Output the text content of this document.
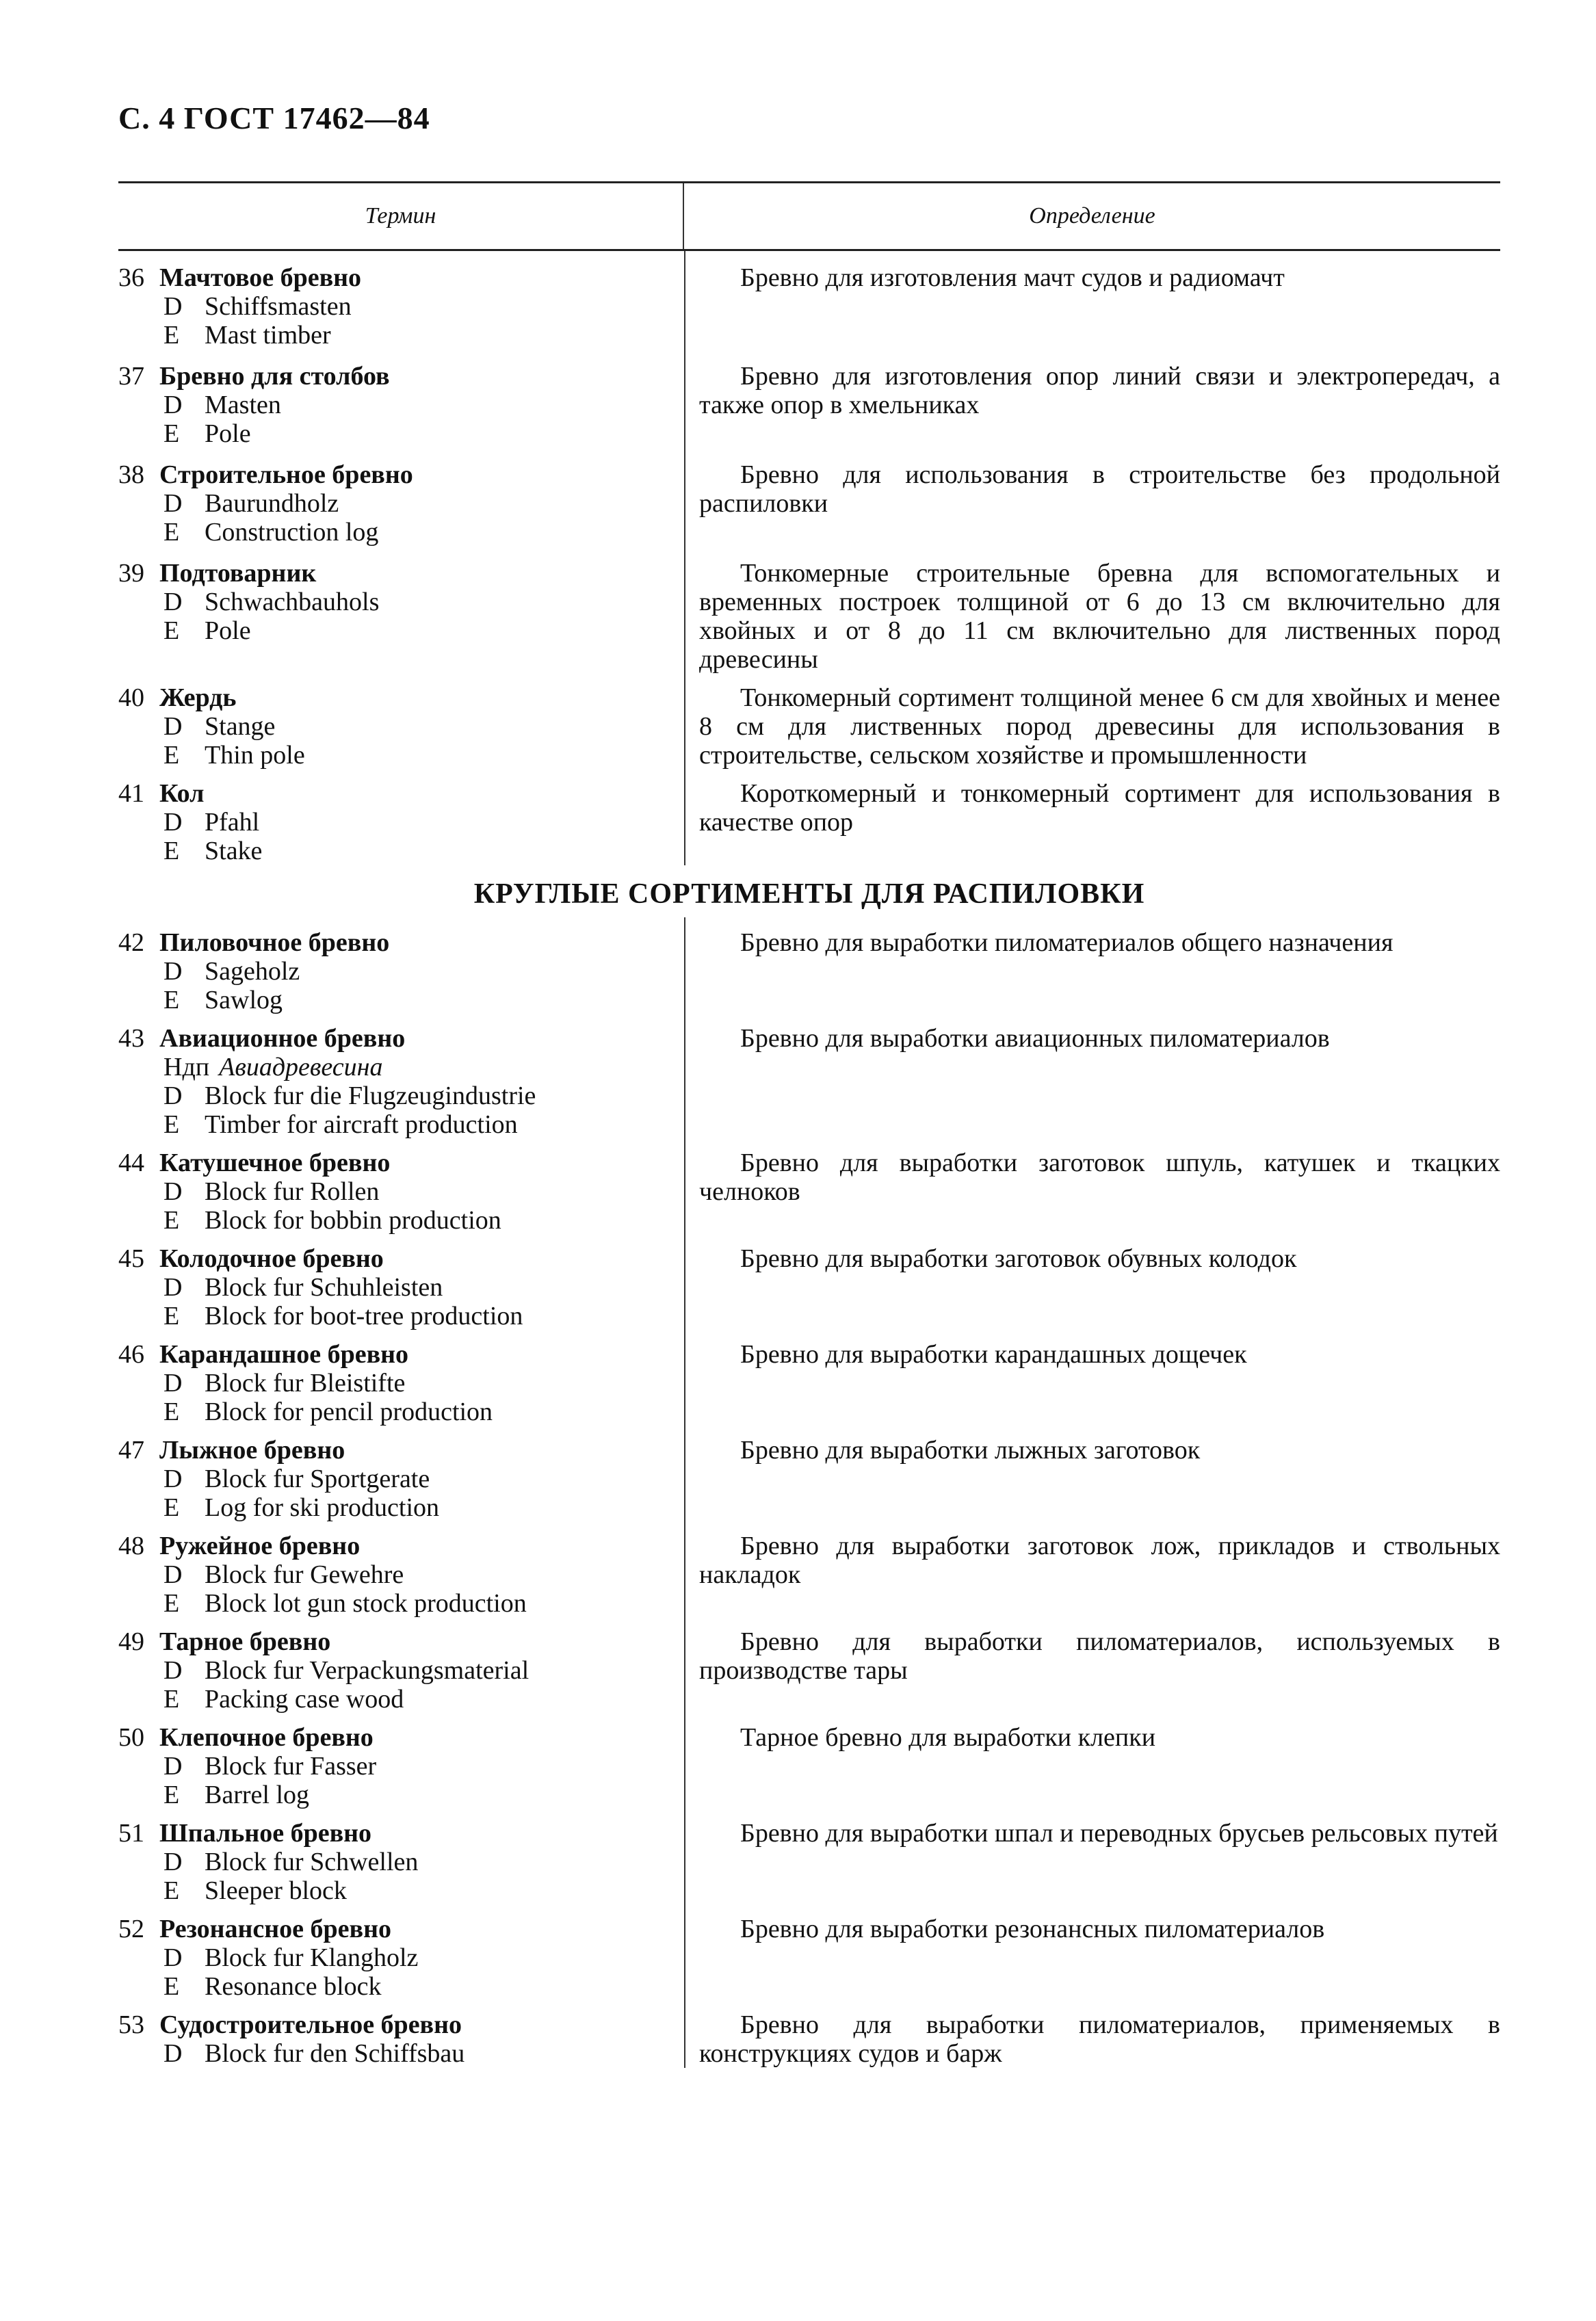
С. 4 ГОСТ 17462—84
Термин	Определение
36 Мачтовое бревно
D Schiffsmasten
E Mast timber
Бревно для изготовления мачт судов и радиомачт
37 Бревно для столбов
D Masten
E Pole
Бревно для изготовления опор линий связи и электропередач, а также опор в хмельниках
38 Строительное бревно
D Baurundholz
E Construction log
Бревно для использования в строительстве без продольной распиловки
39 Подтоварник
D Schwachbauhols
E Pole
Тонкомерные строительные бревна для вспомогательных и временных построек толщиной от 6 до 13 см включительно для хвойных и от 8 до 11 см включительно для лиственных пород древесины
40 Жердь
D Stange
E Thin pole
Тонкомерный сортимент толщиной менее 6 см для хвойных и менее 8 см для лиственных пород древесины для использования в строительстве, сельском хозяйстве и промышленности
41 Кол
D Pfahl
E Stake
Короткомерный и тонкомерный сортимент для использования в качестве опор
КРУГЛЫЕ СОРТИМЕНТЫ ДЛЯ РАСПИЛОВКИ
42 Пиловочное бревно
D Sageholz
E Sawlog
Бревно для выработки пиломатериалов общего назначения
43 Авиационное бревно
Ндп Авиадревесина
D Block fur die Flugzeugindustrie
E Timber for aircraft production
Бревно для выработки авиационных пиломатериалов
44 Катушечное бревно
D Block fur Rollen
E Block for bobbin production
Бревно для выработки заготовок шпуль, катушек и ткацких челноков
45 Колодочное бревно
D Block fur Schuhleisten
E Block for boot-tree production
Бревно для выработки заготовок обувных колодок
46 Карандашное бревно
D Block fur Bleistifte
E Block for pencil production
Бревно для выработки карандашных дощечек
47 Лыжное бревно
D Block fur Sportgerate
E Log for ski production
Бревно для выработки лыжных заготовок
48 Ружейное бревно
D Block fur Gewehre
E Block lot gun stock production
Бревно для выработки заготовок лож, прикладов и ствольных накладок
49 Тарное бревно
D Block fur Verpackungsmaterial
E Packing case wood
Бревно для выработки пиломатериалов, используемых в производстве тары
50 Клепочное бревно
D Block fur Fasser
E Barrel log
Тарное бревно для выработки клепки
51 Шпальное бревно
D Block fur Schwellen
E Sleeper block
Бревно для выработки шпал и переводных брусьев рельсовых путей
52 Резонансное бревно
D Block fur Klangholz
E Resonance block
Бревно для выработки резонансных пиломатериалов
53 Судостроительное бревно
D Block fur den Schiffsbau
Бревно для выработки пиломатериалов, применяемых в конструкциях судов и барж
